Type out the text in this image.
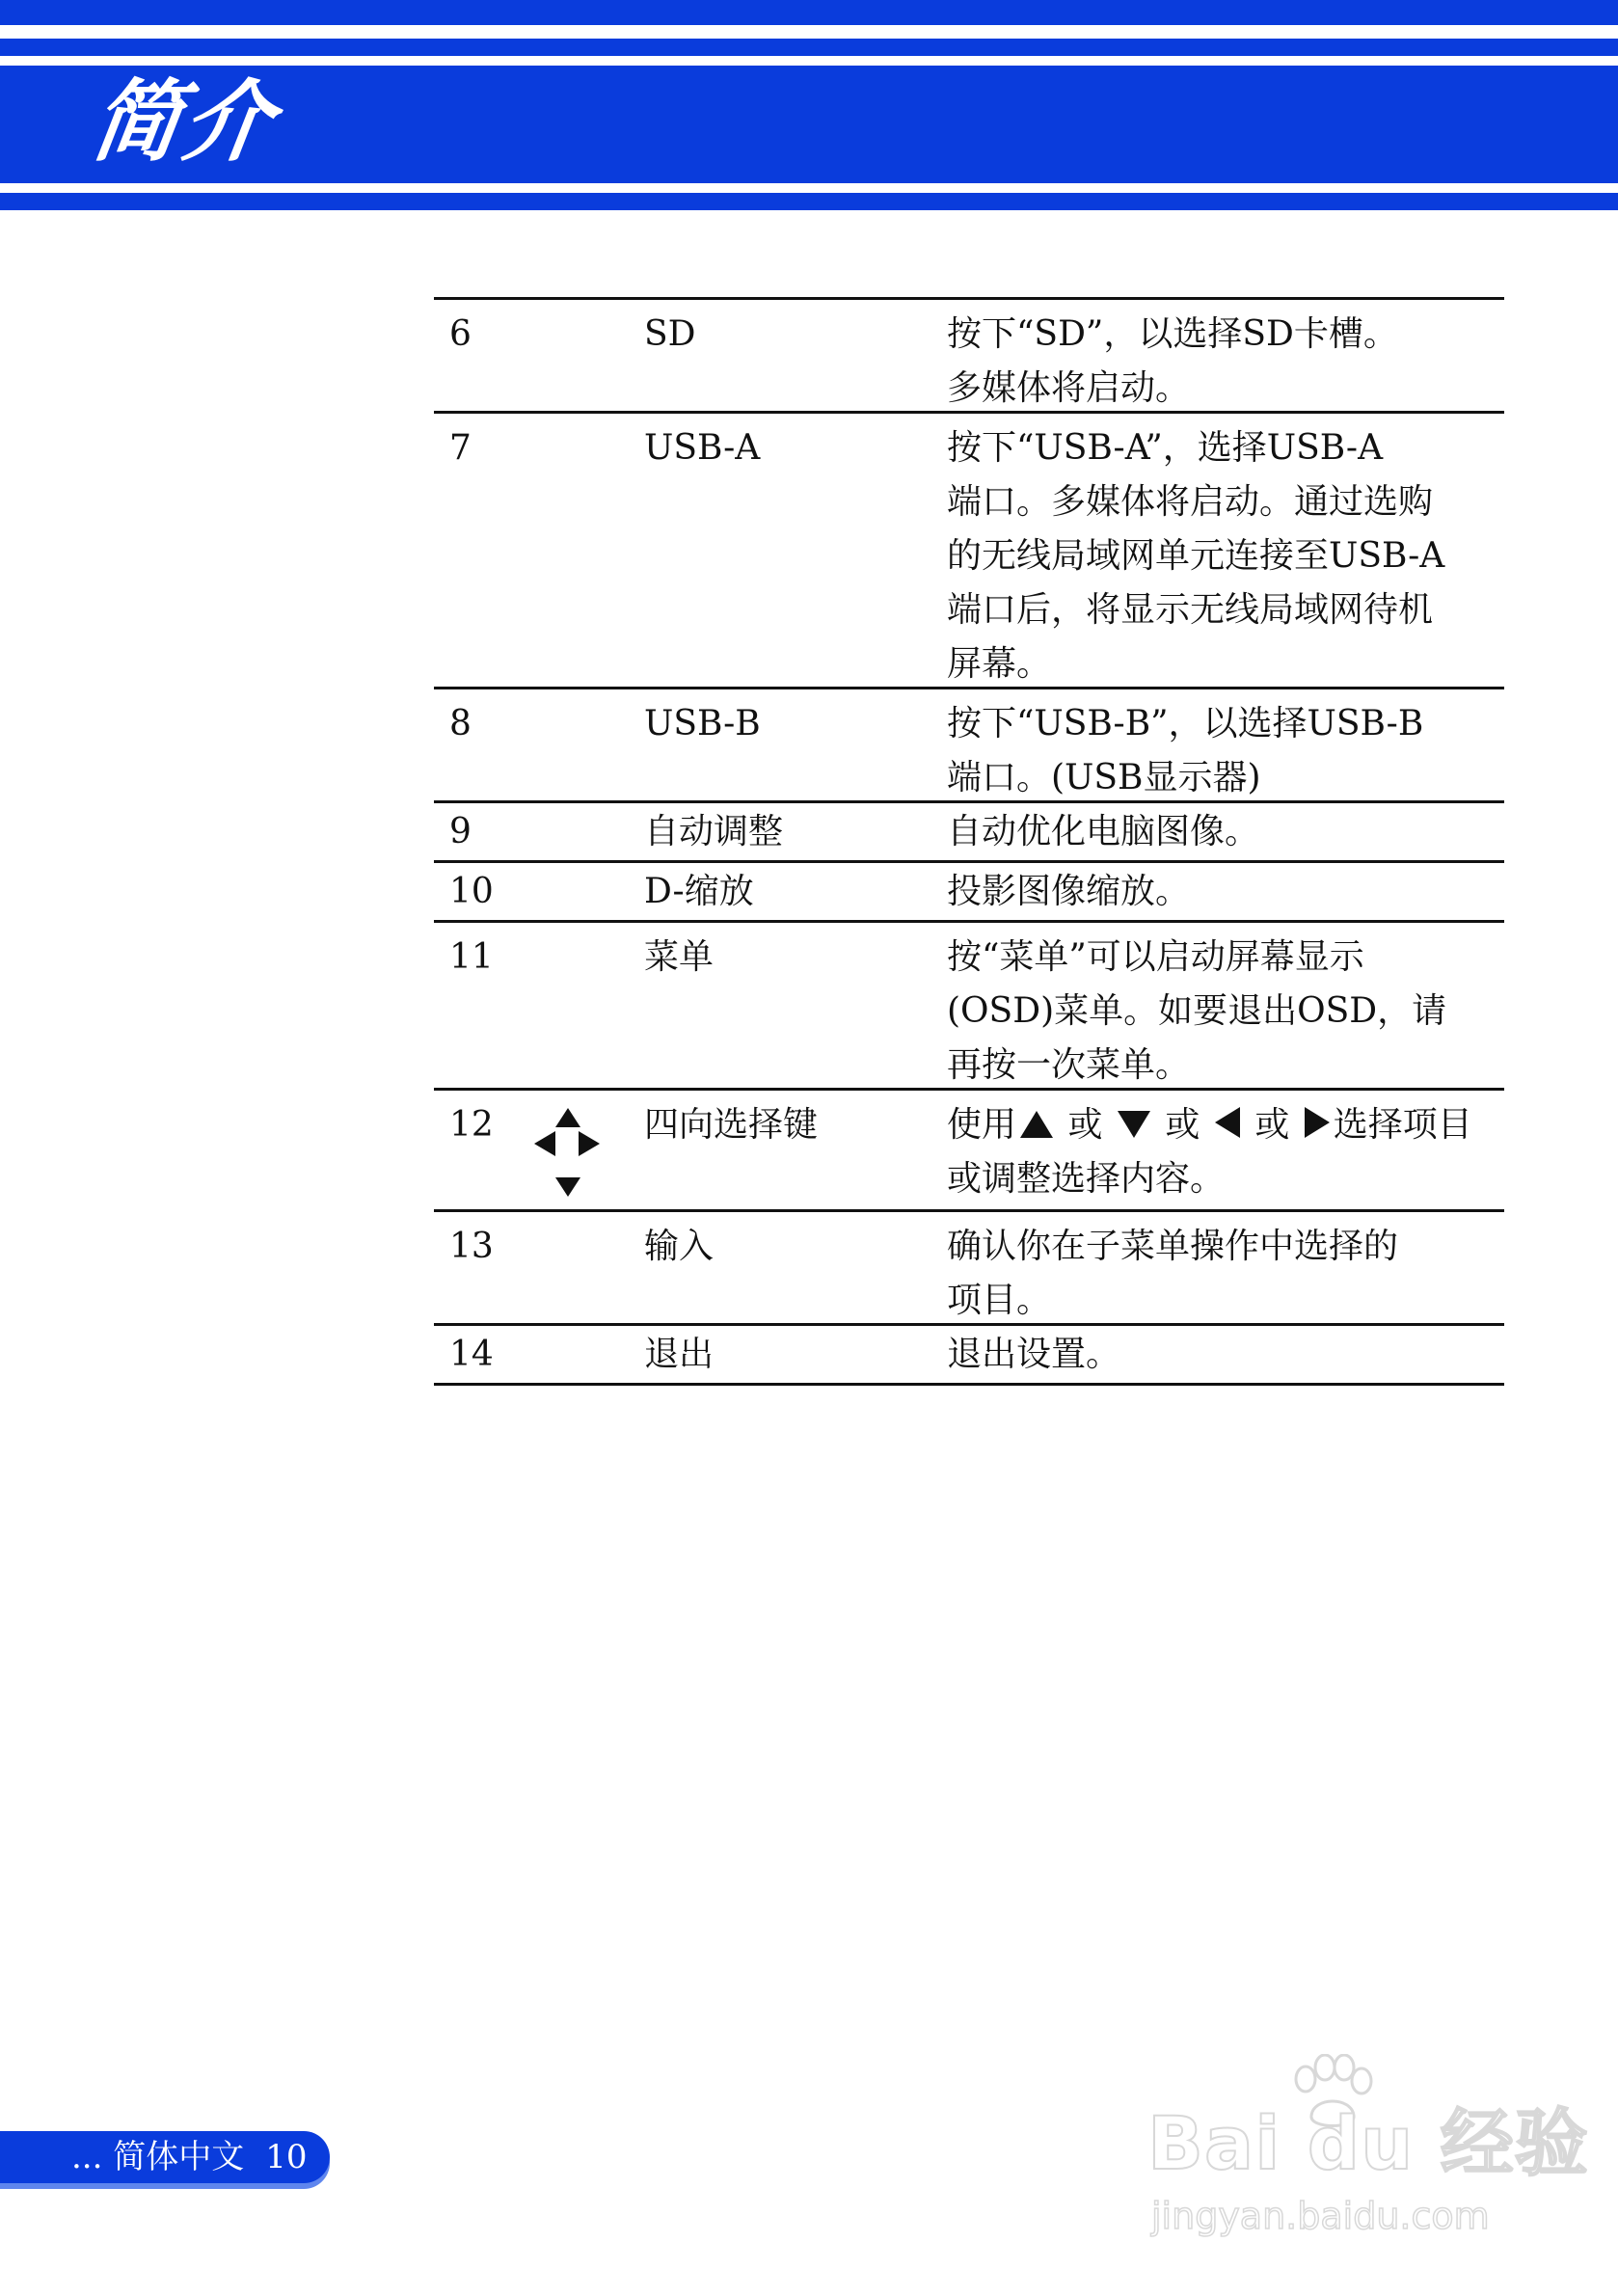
简介
6	SD	按下“SD”，以选择SD卡槽。
多媒体将启动。
7	USB-A	按下“USB-A”，选择USB-A
端口。多媒体将启动。通过选购
的无线局域网单元连接至USB-A
端口后，将显示无线局域网待机
屏幕。
8	USB-B	按下“USB-B”，以选择USB-B
端口。(USB显示器)
9	自动调整	自动优化电脑图像。
10	D-缩放	投影图像缩放。
11	菜单	按“菜单”可以启动屏幕显示
(OSD)菜单。如要退出OSD，请
再按一次菜单。
12	四向选择键	使用 或 或 或 选择项目
或调整选择内容。
13	输入	确认你在子菜单操作中选择的
项目。
14	退出	退出设置。
... 简体中文 10	Bai du 经验
jingyan.baidu.com
